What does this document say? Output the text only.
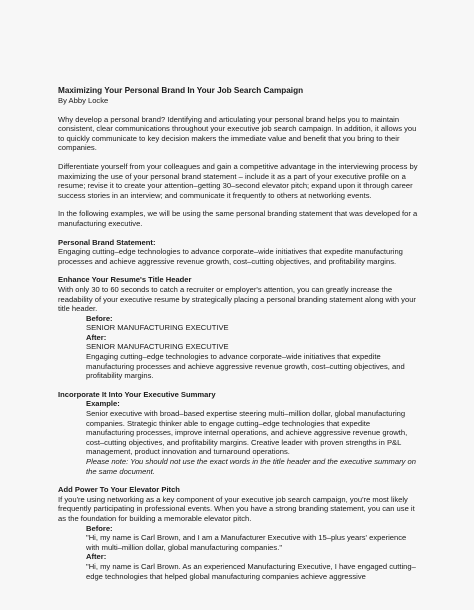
Maximizing Your Personal Brand In Your Job Search Campaign
By Abby Locke

Why develop a personal brand? Identifying and articulating your personal brand helps you to maintain consistent, clear communications throughout your executive job search campaign. In addition, it allows you to quickly communicate to key decision makers the immediate value and benefit that you bring to their companies.

Differentiate yourself from your colleagues and gain a competitive advantage in the interviewing process by maximizing the use of your personal brand statement – include it as a part of your executive profile on a resume; revise it to create your attention–getting 30–second elevator pitch; expand upon it through career success stories in an interview; and communicate it frequently to others at networking events.

In the following examples, we will be using the same personal branding statement that was developed for a manufacturing executive.

Personal Brand Statement:
Engaging cutting–edge technologies to advance corporate–wide initiatives that expedite manufacturing processes and achieve aggressive revenue growth, cost–cutting objectives, and profitability margins.
Enhance Your Resume's Title Header
With only 30 to 60 seconds to catch a recruiter or employer's attention, you can greatly increase the readability of your executive resume by strategically placing a personal branding statement along with your title header.
Before:
SENIOR MANUFACTURING EXECUTIVE
After:
SENIOR MANUFACTURING EXECUTIVE
Engaging cutting–edge technologies to advance corporate–wide initiatives that expedite manufacturing processes and achieve aggressive revenue growth, cost–cutting objectives, and profitability margins.
Incorporate It Into Your Executive Summary
Example:
Senior executive with broad–based expertise steering multi–million dollar, global manufacturing companies. Strategic thinker able to engage cutting–edge technologies that expedite manufacturing processes, improve internal operations, and achieve aggressive revenue growth, cost–cutting objectives, and profitability margins. Creative leader with proven strengths in P&L management, product innovation and turnaround operations.
Please note: You should not use the exact words in the title header and the executive summary on the same document.
Add Power To Your Elevator Pitch
If you're using networking as a key component of your executive job search campaign, you're most likely frequently participating in professional events. When you have a strong branding statement, you can use it as the foundation for building a memorable elevator pitch.
Before:
"Hi, my name is Carl Brown, and I am a Manufacturer Executive with 15–plus years' experience with multi–million dollar, global manufacturing companies."
After:
"Hi, my name is Carl Brown. As an experienced Manufacturing Executive, I have engaged cutting–edge technologies that helped global manufacturing companies achieve aggressive
